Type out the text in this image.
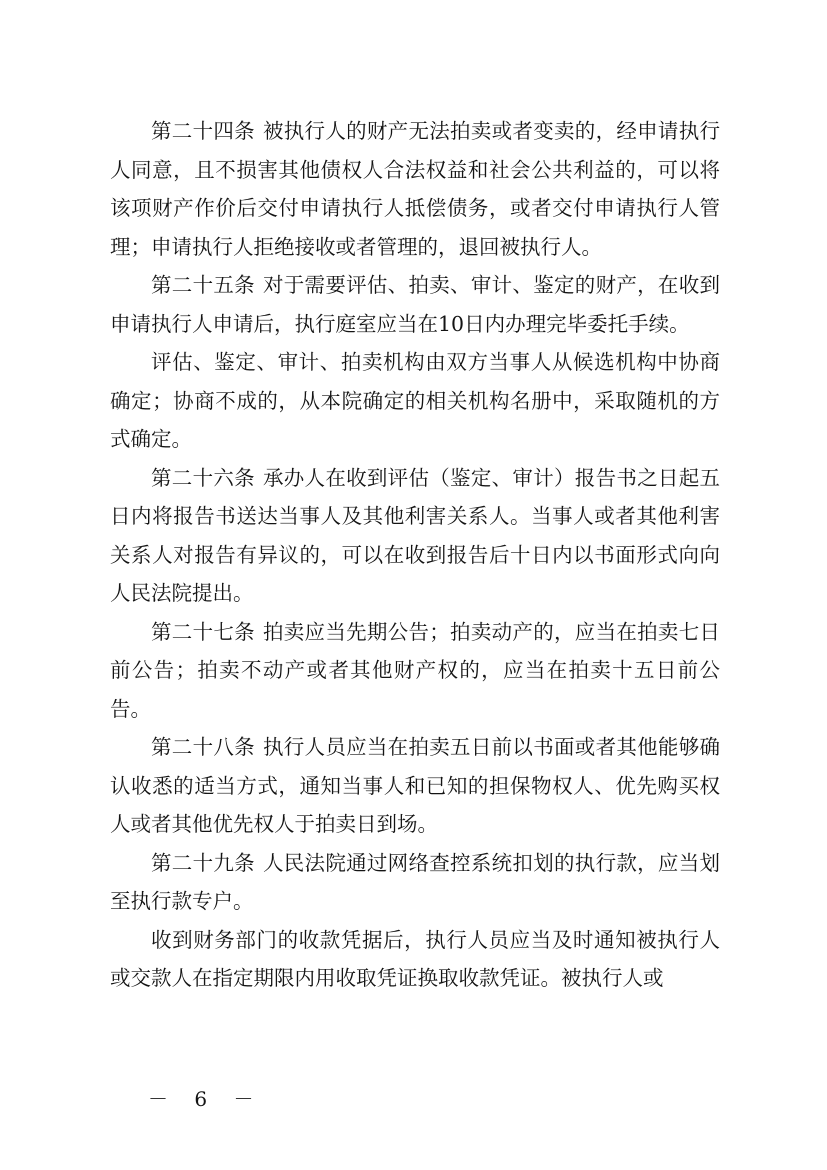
第二十四条 被执行人的财产无法拍卖或者变卖的，经申请执行人同意，且不损害其他债权人合法权益和社会公共利益的，可以将该项财产作价后交付申请执行人抵偿债务，或者交付申请执行人管理；申请执行人拒绝接收或者管理的，退回被执行人。

第二十五条 对于需要评估、拍卖、审计、鉴定的财产，在收到申请执行人申请后，执行庭室应当在10日内办理完毕委托手续。

评估、鉴定、审计、拍卖机构由双方当事人从候选机构中协商确定；协商不成的，从本院确定的相关机构名册中，采取随机的方式确定。

第二十六条 承办人在收到评估（鉴定、审计）报告书之日起五日内将报告书送达当事人及其他利害关系人。当事人或者其他利害关系人对报告有异议的，可以在收到报告后十日内以书面形式向向人民法院提出。

第二十七条 拍卖应当先期公告；拍卖动产的，应当在拍卖七日前公告；拍卖不动产或者其他财产权的，应当在拍卖十五日前公告。

第二十八条 执行人员应当在拍卖五日前以书面或者其他能够确认收悉的适当方式，通知当事人和已知的担保物权人、优先购买权人或者其他优先权人于拍卖日到场。

第二十九条 人民法院通过网络查控系统扣划的执行款，应当划至执行款专户。

收到财务部门的收款凭据后，执行人员应当及时通知被执行人或交款人在指定期限内用收取凭证换取收款凭证。被执行人或

－ 6 －
